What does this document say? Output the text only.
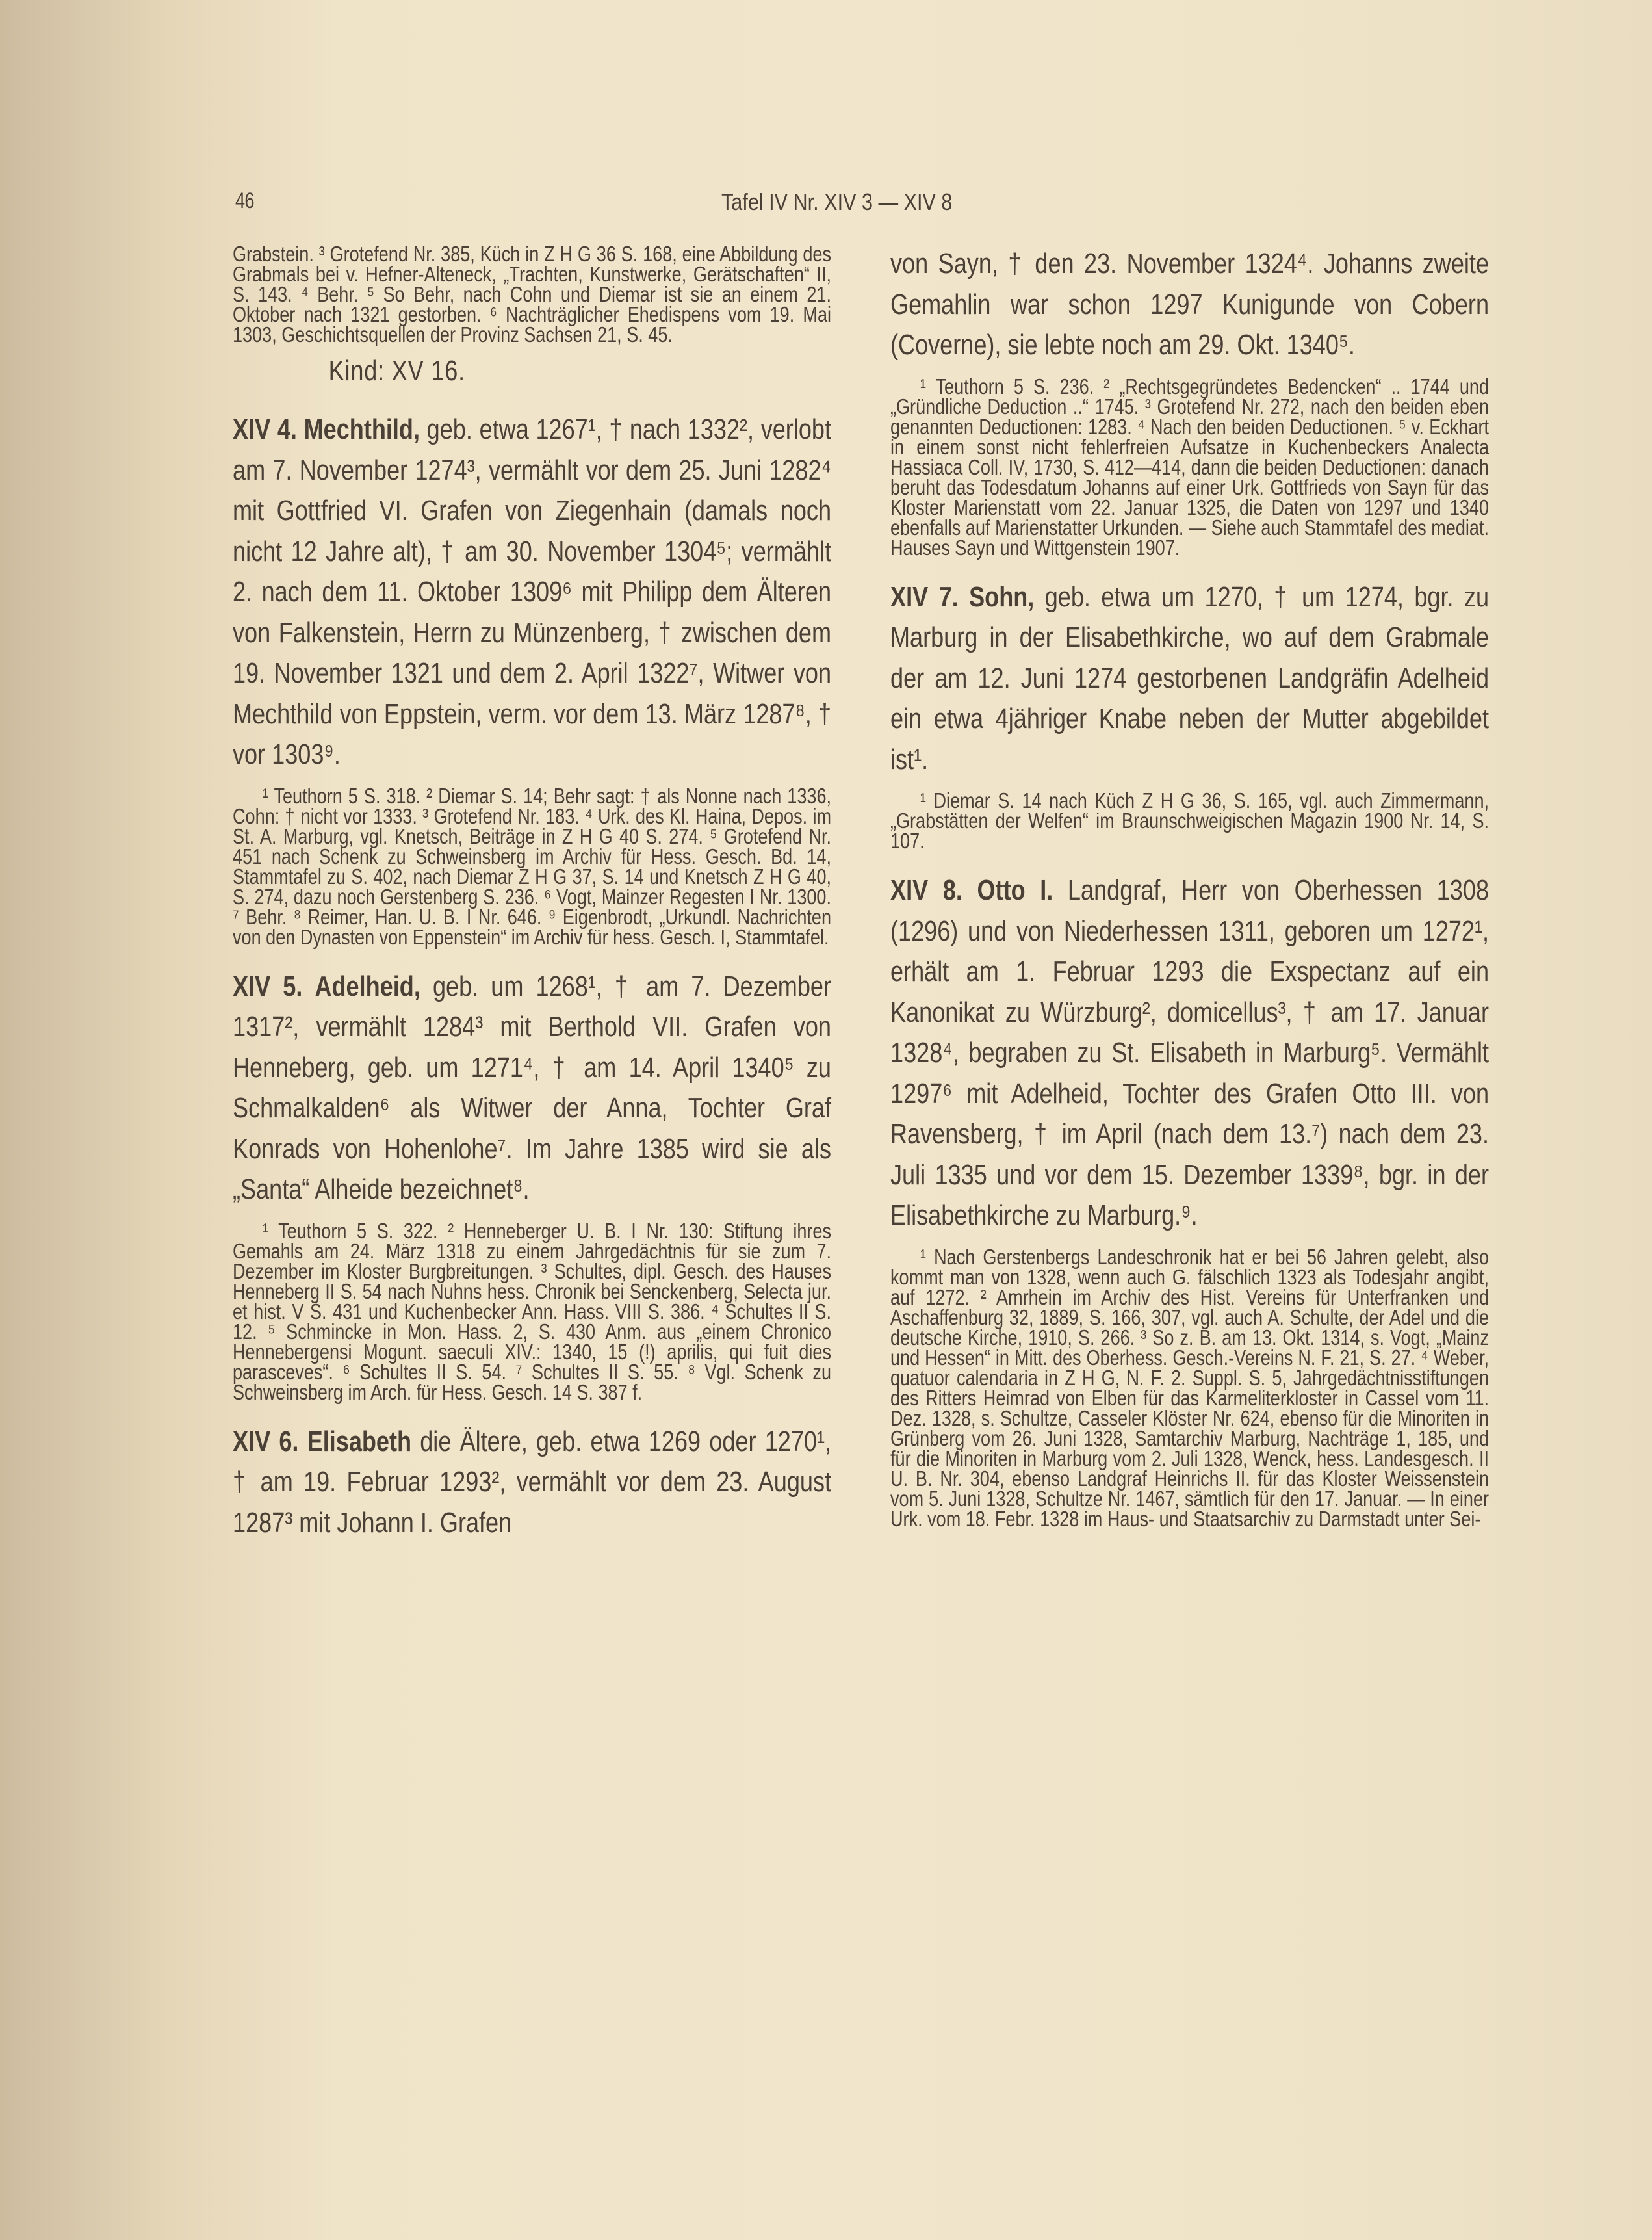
46	Tafel IV Nr. XIV 3 — XIV 8

Grabstein. ³ Grotefend Nr. 385, Küch in Z H G 36 S. 168, eine Abbildung des Grabmals bei v. Hefner-Alteneck, „Trachten, Kunstwerke, Gerätschaften“ II, S. 143. ⁴ Behr. ⁵ So Behr, nach Cohn und Diemar ist sie an einem 21. Oktober nach 1321 gestorben. ⁶ Nachträglicher Ehedispens vom 19. Mai 1303, Geschichtsquellen der Provinz Sachsen 21, S. 45.

Kind: XV 16.

XIV 4. Mechthild, geb. etwa 1267¹, † nach 1332², verlobt am 7. November 1274³, vermählt vor dem 25. Juni 1282⁴ mit Gottfried VI. Grafen von Ziegenhain (damals noch nicht 12 Jahre alt), † am 30. November 1304⁵; vermählt 2. nach dem 11. Oktober 1309⁶ mit Philipp dem Älteren von Falkenstein, Herrn zu Münzenberg, † zwischen dem 19. November 1321 und dem 2. April 1322⁷, Witwer von Mechthild von Eppstein, verm. vor dem 13. März 1287⁸, † vor 1303⁹.

¹ Teuthorn 5 S. 318. ² Diemar S. 14; Behr sagt: † als Nonne nach 1336, Cohn: † nicht vor 1333. ³ Grotefend Nr. 183. ⁴ Urk. des Kl. Haina, Depos. im St. A. Marburg, vgl. Knetsch, Beiträge in Z H G 40 S. 274. ⁵ Grotefend Nr. 451 nach Schenk zu Schweinsberg im Archiv für Hess. Gesch. Bd. 14, Stammtafel zu S. 402, nach Diemar Z H G 37, S. 14 und Knetsch Z H G 40, S. 274, dazu noch Gerstenberg S. 236. ⁶ Vogt, Mainzer Regesten I Nr. 1300. ⁷ Behr. ⁸ Reimer, Han. U. B. I Nr. 646. ⁹ Eigenbrodt, „Urkundl. Nachrichten von den Dynasten von Eppenstein“ im Archiv für hess. Gesch. I, Stammtafel.

XIV 5. Adelheid, geb. um 1268¹, † am 7. Dezember 1317², vermählt 1284³ mit Berthold VII. Grafen von Henneberg, geb. um 1271⁴, † am 14. April 1340⁵ zu Schmalkalden⁶ als Witwer der Anna, Tochter Graf Konrads von Hohenlohe⁷. Im Jahre 1385 wird sie als „Santa“ Alheide bezeichnet⁸.

¹ Teuthorn 5 S. 322. ² Henneberger U. B. I Nr. 130: Stiftung ihres Gemahls am 24. März 1318 zu einem Jahrgedächtnis für sie zum 7. Dezember im Kloster Burgbreitungen. ³ Schultes, dipl. Gesch. des Hauses Henneberg II S. 54 nach Nuhns hess. Chronik bei Senckenberg, Selecta jur. et hist. V S. 431 und Kuchenbecker Ann. Hass. VIII S. 386. ⁴ Schultes II S. 12. ⁵ Schmincke in Mon. Hass. 2, S. 430 Anm. aus „einem Chronico Hennebergensi Mogunt. saeculi XIV.: 1340, 15 (!) aprilis, qui fuit dies parasceves“. ⁶ Schultes II S. 54. ⁷ Schultes II S. 55. ⁸ Vgl. Schenk zu Schweinsberg im Arch. für Hess. Gesch. 14 S. 387 f.

XIV 6. Elisabeth die Ältere, geb. etwa 1269 oder 1270¹, † am 19. Februar 1293², vermählt vor dem 23. August 1287³ mit Johann I. Grafen

von Sayn, † den 23. November 1324⁴. Johanns zweite Gemahlin war schon 1297 Kunigunde von Cobern (Coverne), sie lebte noch am 29. Okt. 1340⁵.

¹ Teuthorn 5 S. 236. ² „Rechtsgegründetes Bedencken“ .. 1744 und „Gründliche Deduction ..“ 1745. ³ Grotefend Nr. 272, nach den beiden eben genannten Deductionen: 1283. ⁴ Nach den beiden Deductionen. ⁵ v. Eckhart in einem sonst nicht fehlerfreien Aufsatze in Kuchenbeckers Analecta Hassiaca Coll. IV, 1730, S. 412—414, dann die beiden Deductionen: danach beruht das Todesdatum Johanns auf einer Urk. Gottfrieds von Sayn für das Kloster Marienstatt vom 22. Januar 1325, die Daten von 1297 und 1340 ebenfalls auf Marienstatter Urkunden. — Siehe auch Stammtafel des mediat. Hauses Sayn und Wittgenstein 1907.

XIV 7. Sohn, geb. etwa um 1270, † um 1274, bgr. zu Marburg in der Elisabethkirche, wo auf dem Grabmale der am 12. Juni 1274 gestorbenen Landgräfin Adelheid ein etwa 4jähriger Knabe neben der Mutter abgebildet ist¹.

¹ Diemar S. 14 nach Küch Z H G 36, S. 165, vgl. auch Zimmermann, „Grabstätten der Welfen“ im Braunschweigischen Magazin 1900 Nr. 14, S. 107.

XIV 8. Otto I. Landgraf, Herr von Oberhessen 1308 (1296) und von Niederhessen 1311, geboren um 1272¹, erhält am 1. Februar 1293 die Exspectanz auf ein Kanonikat zu Würzburg², domicellus³, † am 17. Januar 1328⁴, begraben zu St. Elisabeth in Marburg⁵. Vermählt 1297⁶ mit Adelheid, Tochter des Grafen Otto III. von Ravensberg, † im April (nach dem 13.⁷) nach dem 23. Juli 1335 und vor dem 15. Dezember 1339⁸, bgr. in der Elisabethkirche zu Marburg.⁹.

¹ Nach Gerstenbergs Landeschronik hat er bei 56 Jahren gelebt, also kommt man von 1328, wenn auch G. fälschlich 1323 als Todesjahr angibt, auf 1272. ² Amrhein im Archiv des Hist. Vereins für Unterfranken und Aschaffenburg 32, 1889, S. 166, 307, vgl. auch A. Schulte, der Adel und die deutsche Kirche, 1910, S. 266. ³ So z. B. am 13. Okt. 1314, s. Vogt, „Mainz und Hessen“ in Mitt. des Oberhess. Gesch.-Vereins N. F. 21, S. 27. ⁴ Weber, quatuor calendaria in Z H G, N. F. 2. Suppl. S. 5, Jahrgedächtnisstiftungen des Ritters Heimrad von Elben für das Karmeliterkloster in Cassel vom 11. Dez. 1328, s. Schultze, Casseler Klöster Nr. 624, ebenso für die Minoriten in Grünberg vom 26. Juni 1328, Samtarchiv Marburg, Nachträge 1, 185, und für die Minoriten in Marburg vom 2. Juli 1328, Wenck, hess. Landesgesch. II U. B. Nr. 304, ebenso Landgraf Heinrichs II. für das Kloster Weissenstein vom 5. Juni 1328, Schultze Nr. 1467, sämtlich für den 17. Januar. — In einer Urk. vom 18. Febr. 1328 im Haus- und Staatsarchiv zu Darmstadt unter Sei-
